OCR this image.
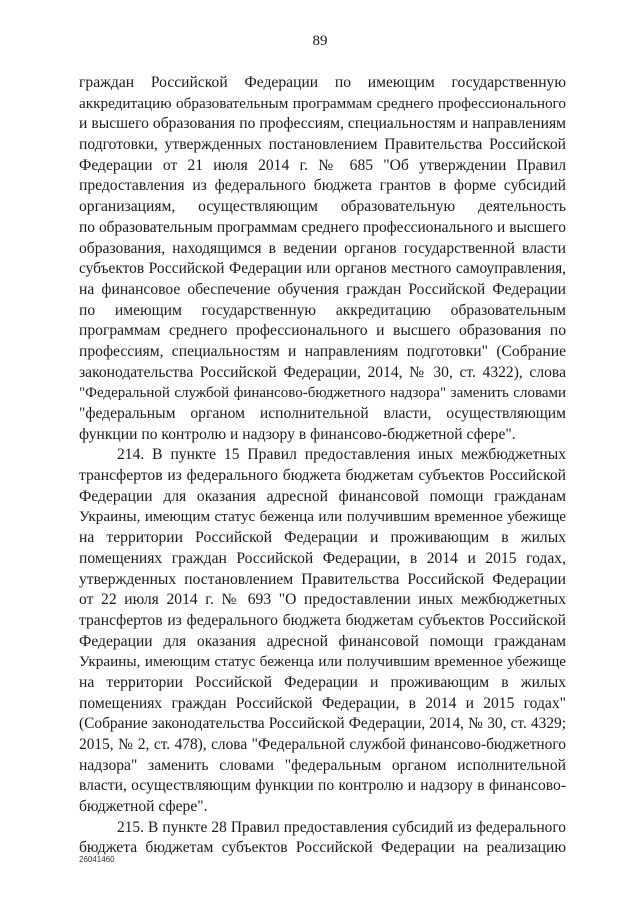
89
граждан Российской Федерации по имеющим государственную
аккредитацию образовательным программам среднего профессионального
и высшего образования по профессиям, специальностям и направлениям
подготовки, утвержденных постановлением Правительства Российской
Федерации от 21 июля 2014 г. № 685 "Об утверждении Правил
предоставления из федерального бюджета грантов в форме субсидий
организациям, осуществляющим образовательную деятельность
по образовательным программам среднего профессионального и высшего
образования, находящимся в ведении органов государственной власти
субъектов Российской Федерации или органов местного самоуправления,
на финансовое обеспечение обучения граждан Российской Федерации
по имеющим государственную аккредитацию образовательным
программам среднего профессионального и высшего образования по
профессиям, специальностям и направлениям подготовки" (Собрание
законодательства Российской Федерации, 2014, № 30, ст. 4322), слова
"Федеральной службой финансово-бюджетного надзора" заменить словами
"федеральным органом исполнительной власти, осуществляющим
функции по контролю и надзору в финансово-бюджетной сфере".
214. В пункте 15 Правил предоставления иных межбюджетных
трансфертов из федерального бюджета бюджетам субъектов Российской
Федерации для оказания адресной финансовой помощи гражданам
Украины, имеющим статус беженца или получившим временное убежище
на территории Российской Федерации и проживающим в жилых
помещениях граждан Российской Федерации, в 2014 и 2015 годах,
утвержденных постановлением Правительства Российской Федерации
от 22 июля 2014 г. № 693 "О предоставлении иных межбюджетных
трансфертов из федерального бюджета бюджетам субъектов Российской
Федерации для оказания адресной финансовой помощи гражданам
Украины, имеющим статус беженца или получившим временное убежище
на территории Российской Федерации и проживающим в жилых
помещениях граждан Российской Федерации, в 2014 и 2015 годах"
(Собрание законодательства Российской Федерации, 2014, № 30, ст. 4329;
2015, № 2, ст. 478), слова "Федеральной службой финансово-бюджетного
надзора" заменить словами "федеральным органом исполнительной
власти, осуществляющим функции по контролю и надзору в финансово-
бюджетной сфере".
215. В пункте 28 Правил предоставления субсидий из федерального
бюджета бюджетам субъектов Российской Федерации на реализацию
26041460
